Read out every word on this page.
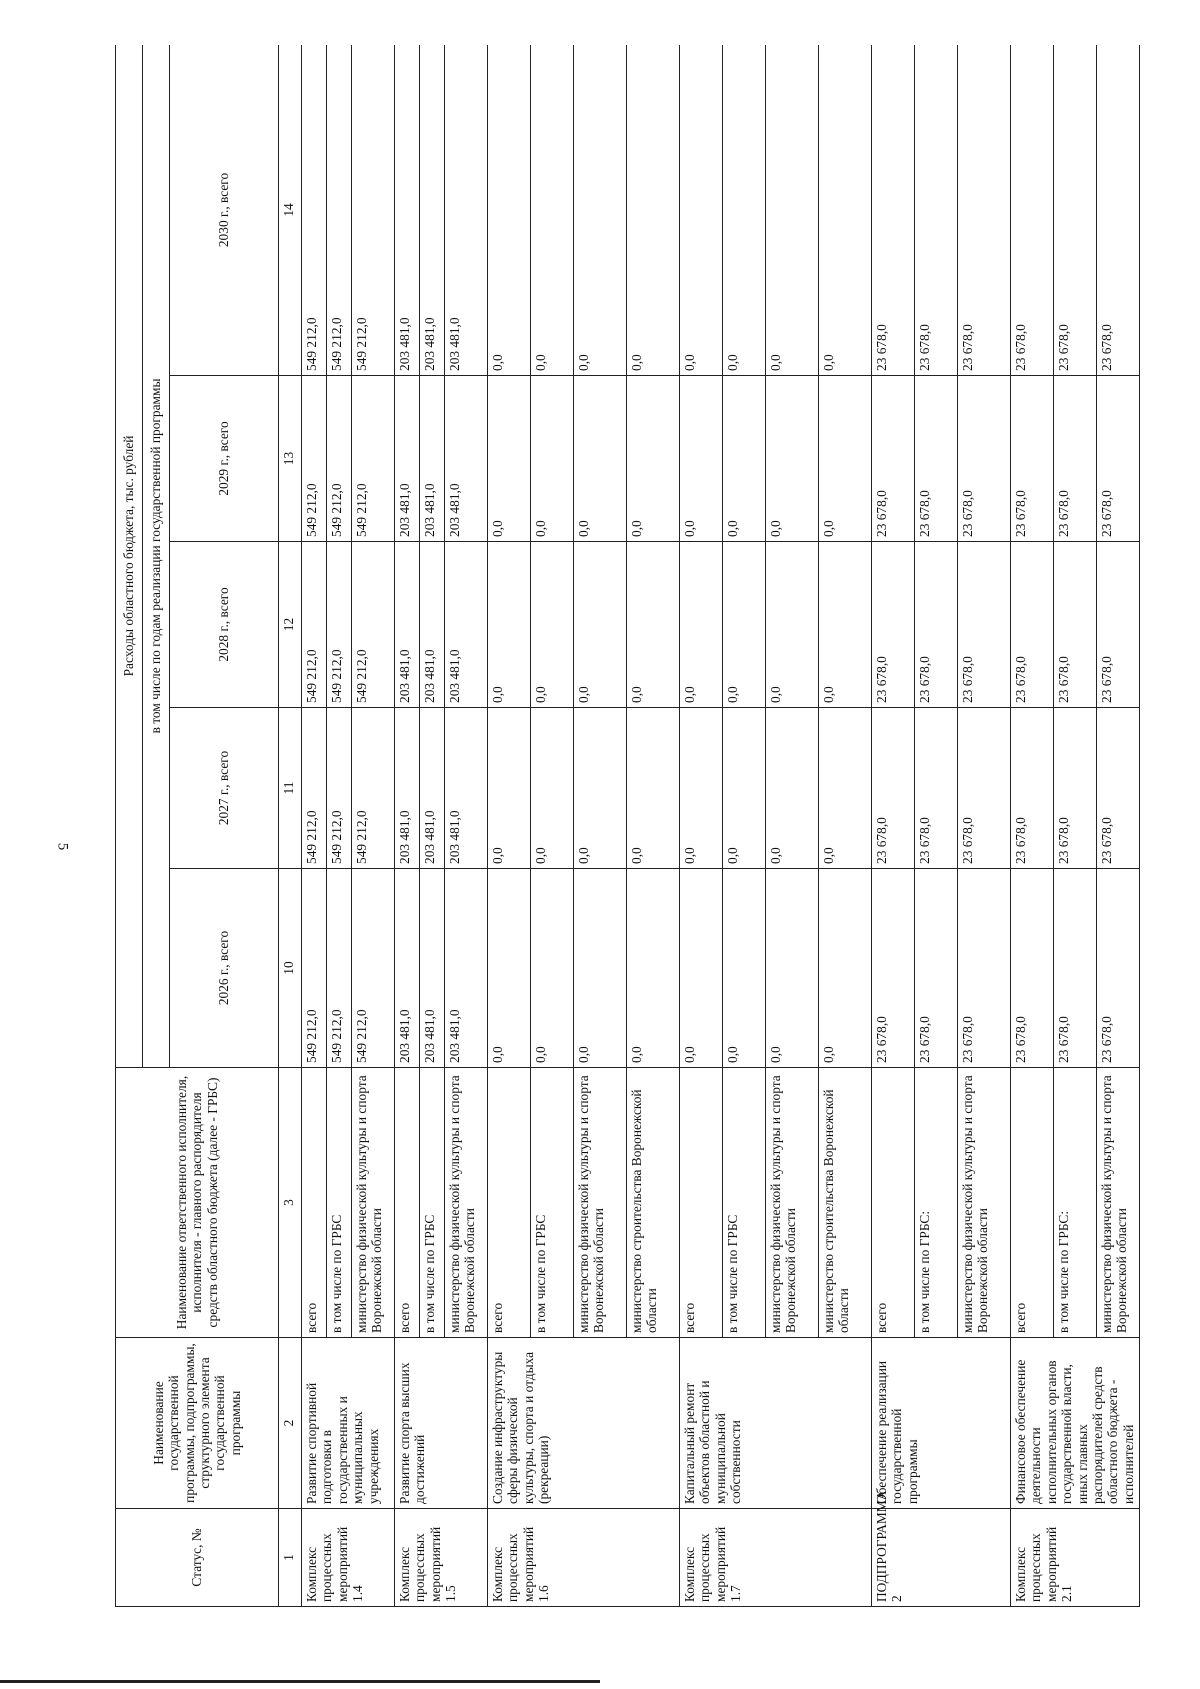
5
Статус, №	Наименование государственной программы, подпрограммы, структурного элемента государственной программы	Наименование ответственного исполнителя, исполнителя - главного распорядителя средств областного бюджета (далее - ГРБС)	Расходы областного бюджета, тыс. рублей				
			в том числе по годам реализации государственной программы				
			2026 г., всего	2027 г., всего	2028 г., всего	2029 г., всего	2030 г., всего
1	2	3	10	11	12	13	14
Комплекс процессных мероприятий 1.4	Развитие спортивной подготовки в государственных и муниципальных учреждениях	всего	549 212,0	549 212,0	549 212,0	549 212,0	549 212,0
		в том числе по ГРБС	549 212,0	549 212,0	549 212,0	549 212,0	549 212,0
		министерство физической культуры и спорта Воронежской области	549 212,0	549 212,0	549 212,0	549 212,0	549 212,0
Комплекс процессных мероприятий 1.5	Развитие спорта высших достижений	всего	203 481,0	203 481,0	203 481,0	203 481,0	203 481,0
		в том числе по ГРБС	203 481,0	203 481,0	203 481,0	203 481,0	203 481,0
		министерство физической культуры и спорта Воронежской области	203 481,0	203 481,0	203 481,0	203 481,0	203 481,0
Комплекс процессных мероприятий 1.6	Создание инфраструктуры сферы физической культуры, спорта и отдыха (рекреации)	всего	0,0	0,0	0,0	0,0	0,0
		в том числе по ГРБС	0,0	0,0	0,0	0,0	0,0
		министерство физической культуры и спорта Воронежской области	0,0	0,0	0,0	0,0	0,0
		министерство строительства Воронежской области	0,0	0,0	0,0	0,0	0,0
Комплекс процессных мероприятий 1.7	Капитальный ремонт объектов областной и муниципальной собственности	всего	0,0	0,0	0,0	0,0	0,0
		в том числе по ГРБС	0,0	0,0	0,0	0,0	0,0
		министерство физической культуры и спорта Воронежской области	0,0	0,0	0,0	0,0	0,0
		министерство строительства Воронежской области	0,0	0,0	0,0	0,0	0,0
ПОДПРОГРАММА 2	Обеспечение реализации государственной программы	всего	23 678,0	23 678,0	23 678,0	23 678,0	23 678,0
		в том числе по ГРБС:	23 678,0	23 678,0	23 678,0	23 678,0	23 678,0
		министерство физической культуры и спорта Воронежской области	23 678,0	23 678,0	23 678,0	23 678,0	23 678,0
Комплекс процессных мероприятий 2.1	Финансовое обеспечение деятельности исполнительных органов государственной власти, иных главных распорядителей средств областного бюджета - исполнителей	всего	23 678,0	23 678,0	23 678,0	23 678,0	23 678,0
		в том числе по ГРБС:	23 678,0	23 678,0	23 678,0	23 678,0	23 678,0
		министерство физической культуры и спорта Воронежской области	23 678,0	23 678,0	23 678,0	23 678,0	23 678,0
